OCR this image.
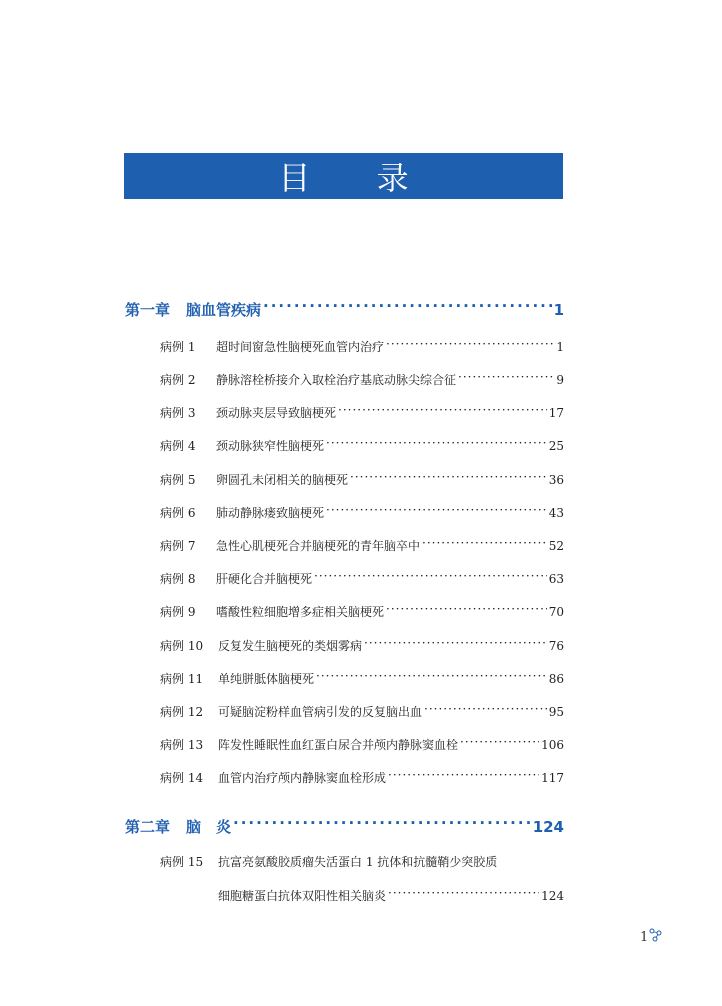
目 录
第一章 脑血管疾病 ·····	1
病例 1	超时间窗急性脑梗死血管内治疗 ·····	1
病例 2	静脉溶栓桥接介入取栓治疗基底动脉尖综合征 ·····	9
病例 3	颈动脉夹层导致脑梗死 ·····	17
病例 4	颈动脉狭窄性脑梗死 ·····	25
病例 5	卵圆孔未闭相关的脑梗死 ·····	36
病例 6	肺动静脉瘘致脑梗死 ·····	43
病例 7	急性心肌梗死合并脑梗死的青年脑卒中 ·····	52
病例 8	肝硬化合并脑梗死 ·····	63
病例 9	嗜酸性粒细胞增多症相关脑梗死 ·····	70
病例 10	反复发生脑梗死的类烟雾病 ·····	76
病例 11	单纯胼胝体脑梗死 ·····	86
病例 12	可疑脑淀粉样血管病引发的反复脑出血 ·····	95
病例 13	阵发性睡眠性血红蛋白尿合并颅内静脉窦血栓 ·····	106
病例 14	血管内治疗颅内静脉窦血栓形成 ·····	117
第二章 脑　炎 ·····	124
病例 15	抗富亮氨酸胶质瘤失活蛋白 1 抗体和抗髓鞘少突胶质
细胞糖蛋白抗体双阳性相关脑炎 ·····	124
1
